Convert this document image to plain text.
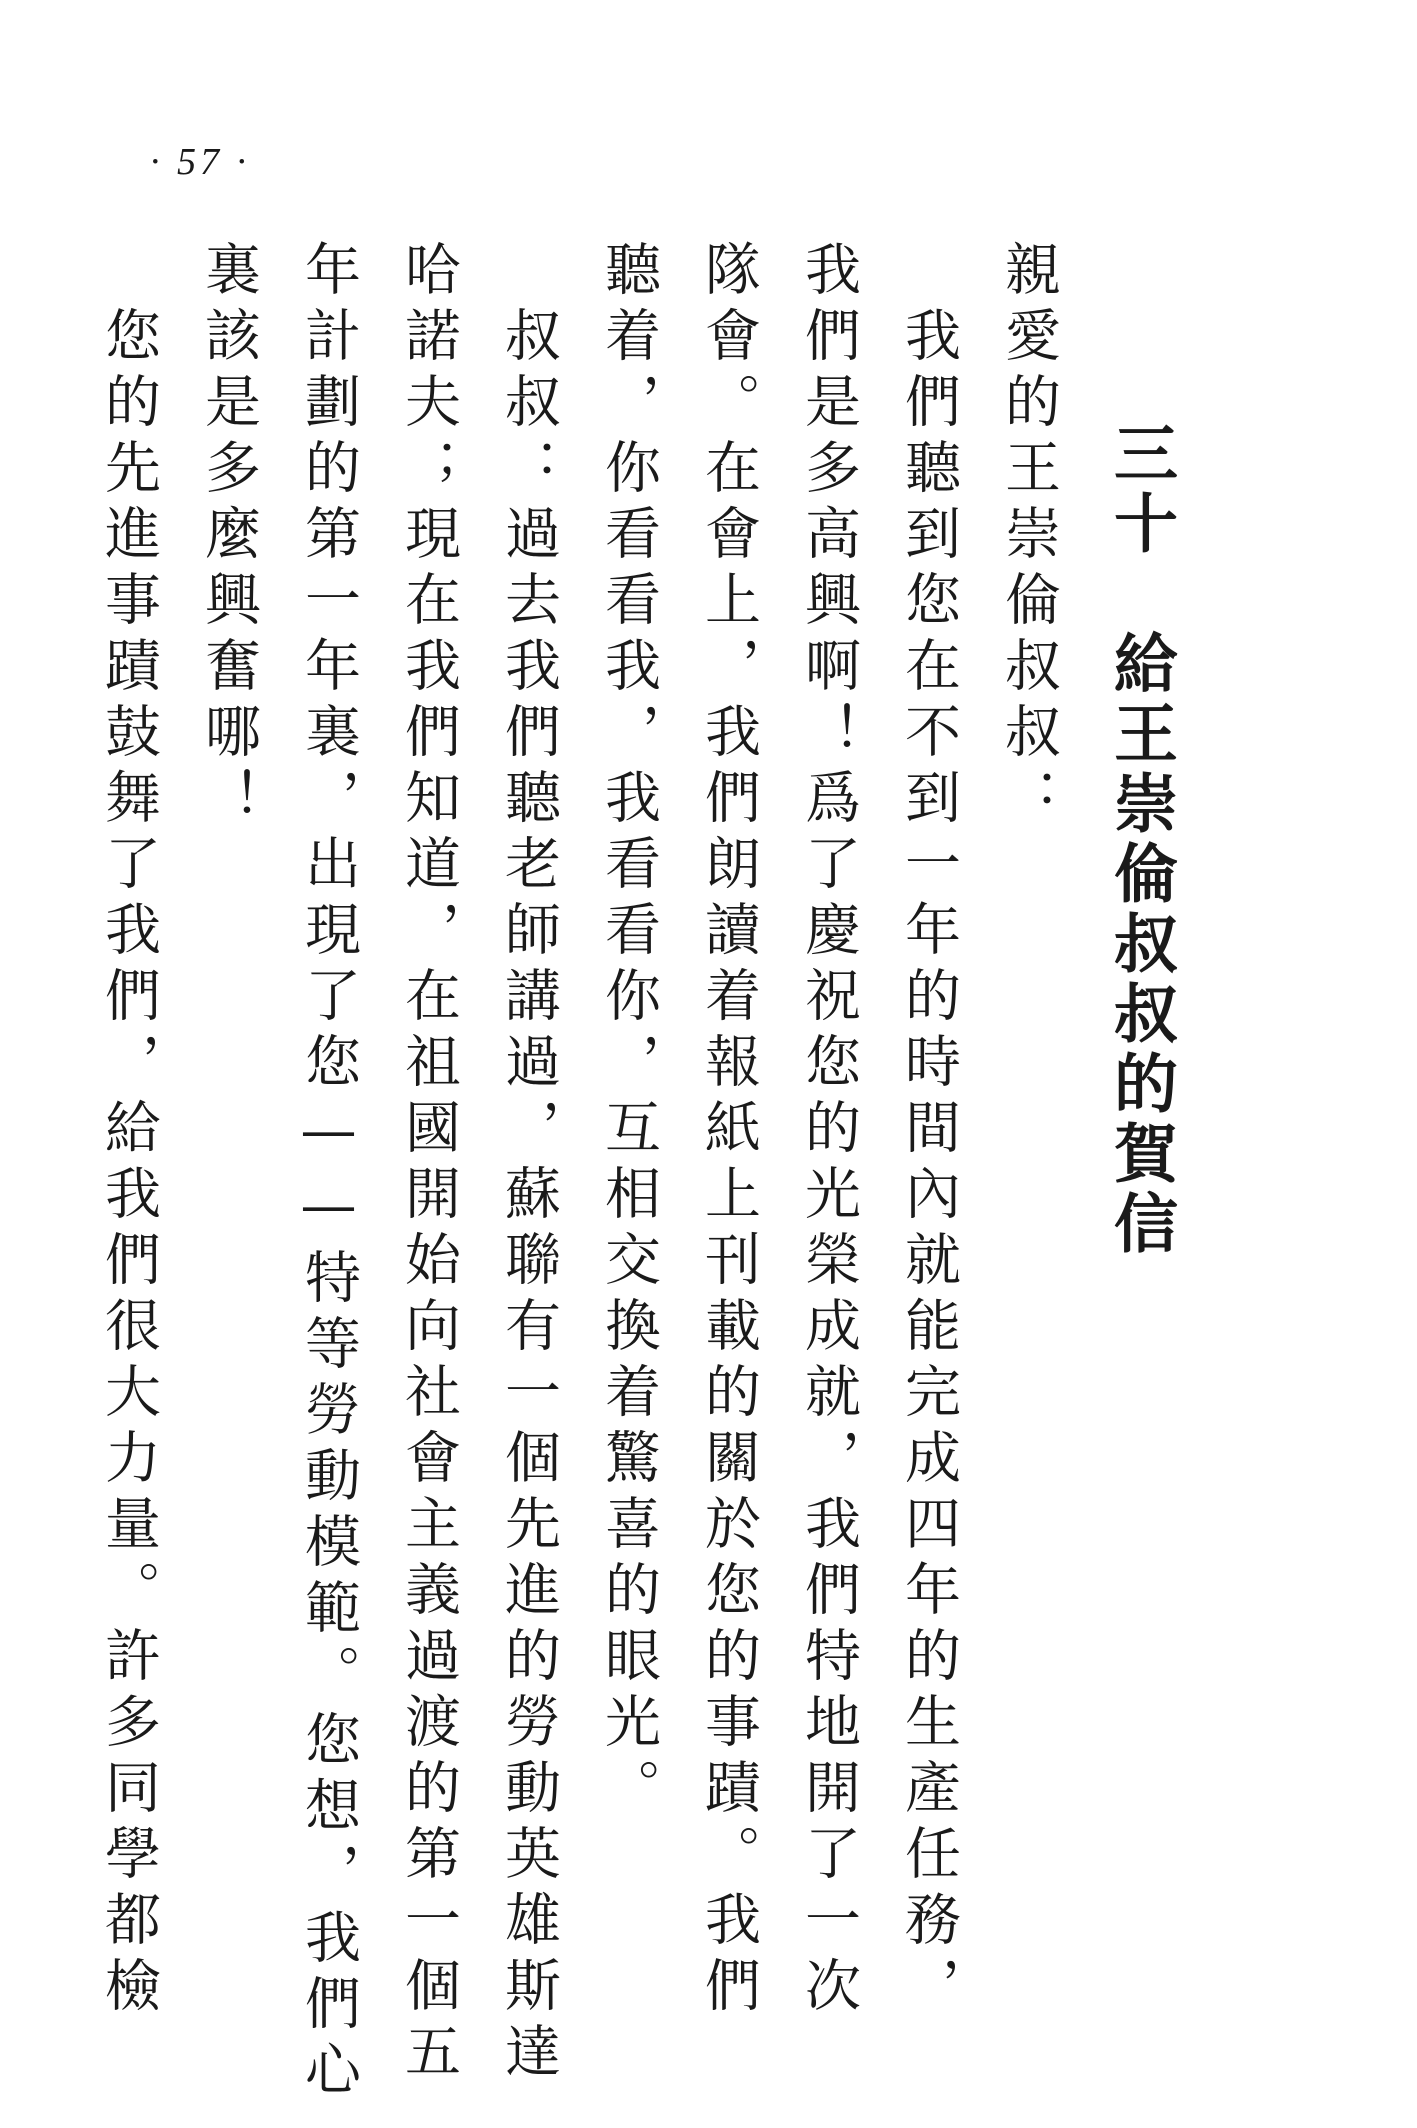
· 57 ·
三十　給王崇倫叔叔的賀信
親愛的王崇倫叔叔：
　我們聽到您在不到一年的時間內就能完成四年的生產任務，
我們是多高興啊！爲了慶祝您的光榮成就，我們特地開了一次
隊會。在會上，我們朗讀着報紙上刊載的關於您的事蹟。我們
聽着，你看看我，我看看你，互相交換着驚喜的眼光。
　叔叔：過去我們聽老師講過，蘇聯有一個先進的勞動英雄斯達
哈諾夫；現在我們知道，在祖國開始向社會主義過渡的第一個五
年計劃的第一年裏，出現了您——特等勞動模範。您想，我們心
裏該是多麼興奮哪！
　您的先進事蹟鼓舞了我們，給我們很大力量。許多同學都檢
